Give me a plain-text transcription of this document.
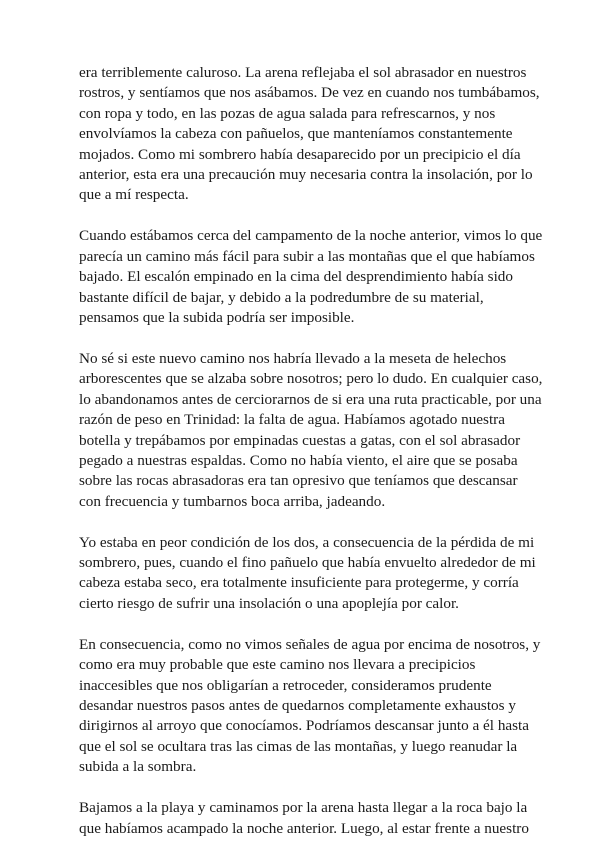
era terriblemente caluroso. La arena reflejaba el sol abrasador en nuestros
rostros, y sentíamos que nos asábamos. De vez en cuando nos tumbábamos,
con ropa y todo, en las pozas de agua salada para refrescarnos, y nos
envolvíamos la cabeza con pañuelos, que manteníamos constantemente
mojados. Como mi sombrero había desaparecido por un precipicio el día
anterior, esta era una precaución muy necesaria contra la insolación, por lo
que a mí respecta.

Cuando estábamos cerca del campamento de la noche anterior, vimos lo que
parecía un camino más fácil para subir a las montañas que el que habíamos
bajado. El escalón empinado en la cima del desprendimiento había sido
bastante difícil de bajar, y debido a la podredumbre de su material,
pensamos que la subida podría ser imposible.

No sé si este nuevo camino nos habría llevado a la meseta de helechos
arborescentes que se alzaba sobre nosotros; pero lo dudo. En cualquier caso,
lo abandonamos antes de cerciorarnos de si era una ruta practicable, por una
razón de peso en Trinidad: la falta de agua. Habíamos agotado nuestra
botella y trepábamos por empinadas cuestas a gatas, con el sol abrasador
pegado a nuestras espaldas. Como no había viento, el aire que se posaba
sobre las rocas abrasadoras era tan opresivo que teníamos que descansar
con frecuencia y tumbarnos boca arriba, jadeando.

Yo estaba en peor condición de los dos, a consecuencia de la pérdida de mi
sombrero, pues, cuando el fino pañuelo que había envuelto alrededor de mi
cabeza estaba seco, era totalmente insuficiente para protegerme, y corría
cierto riesgo de sufrir una insolación o una apoplejía por calor.

En consecuencia, como no vimos señales de agua por encima de nosotros, y
como era muy probable que este camino nos llevara a precipicios
inaccesibles que nos obligarían a retroceder, consideramos prudente
desandar nuestros pasos antes de quedarnos completamente exhaustos y
dirigirnos al arroyo que conocíamos. Podríamos descansar junto a él hasta
que el sol se ocultara tras las cimas de las montañas, y luego reanudar la
subida a la sombra.

Bajamos a la playa y caminamos por la arena hasta llegar a la roca bajo la
que habíamos acampado la noche anterior. Luego, al estar frente a nuestro
